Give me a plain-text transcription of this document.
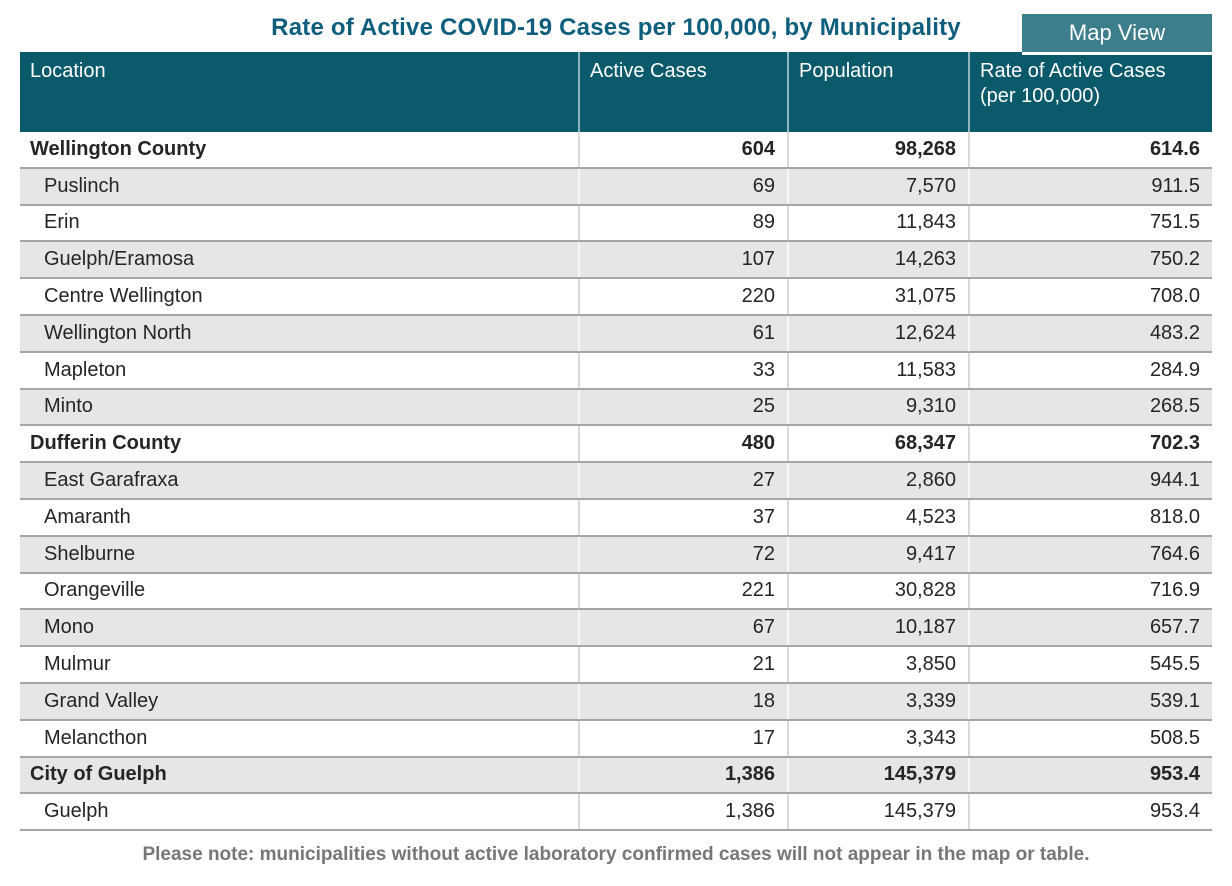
Rate of Active COVID-19 Cases per 100,000, by Municipality	Map View
Location	Active Cases	Population	Rate of Active Cases (per 100,000)
Wellington County	604	98,268	614.6
Puslinch	69	7,570	911.5
Erin	89	11,843	751.5
Guelph/Eramosa	107	14,263	750.2
Centre Wellington	220	31,075	708.0
Wellington North	61	12,624	483.2
Mapleton	33	11,583	284.9
Minto	25	9,310	268.5
Dufferin County	480	68,347	702.3
East Garafraxa	27	2,860	944.1
Amaranth	37	4,523	818.0
Shelburne	72	9,417	764.6
Orangeville	221	30,828	716.9
Mono	67	10,187	657.7
Mulmur	21	3,850	545.5
Grand Valley	18	3,339	539.1
Melancthon	17	3,343	508.5
City of Guelph	1,386	145,379	953.4
Guelph	1,386	145,379	953.4
Please note: municipalities without active laboratory confirmed cases will not appear in the map or table.
